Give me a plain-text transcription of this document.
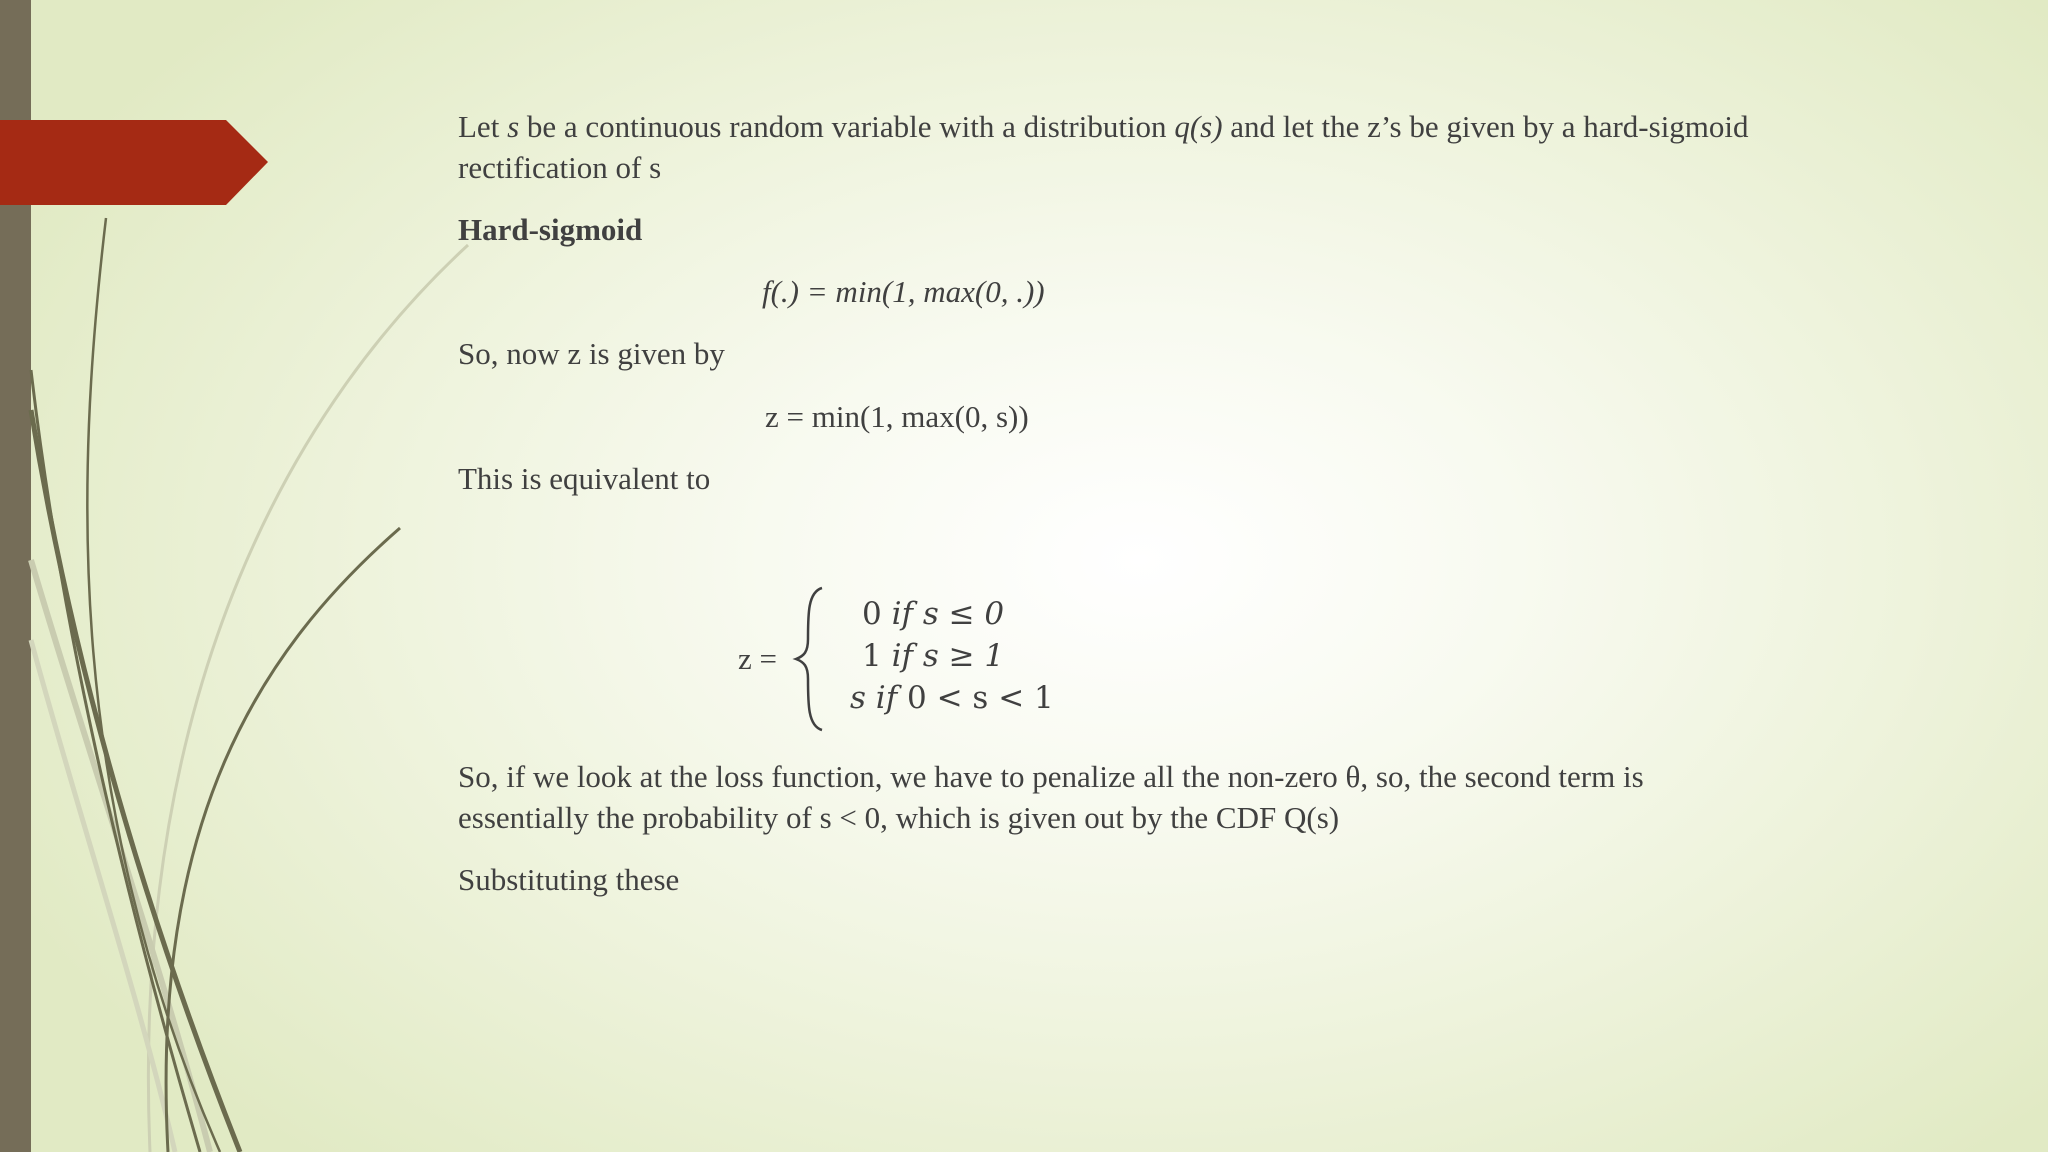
Let s be a continuous random variable with a distribution q(s) and let the z’s be given by a hard-sigmoid
rectification of s
Hard-sigmoid
f(.) = min(1, max(0, .))
So, now z is given by
z = min(1, max(0, s))
This is equivalent to
z =
0 if s ≤ 0
1 if s ≥ 1
s if 0 < s < 1
So, if we look at the loss function, we have to penalize all the non-zero θ, so, the second term is
essentially the probability of s < 0, which is given out by the CDF Q(s)
Substituting these
